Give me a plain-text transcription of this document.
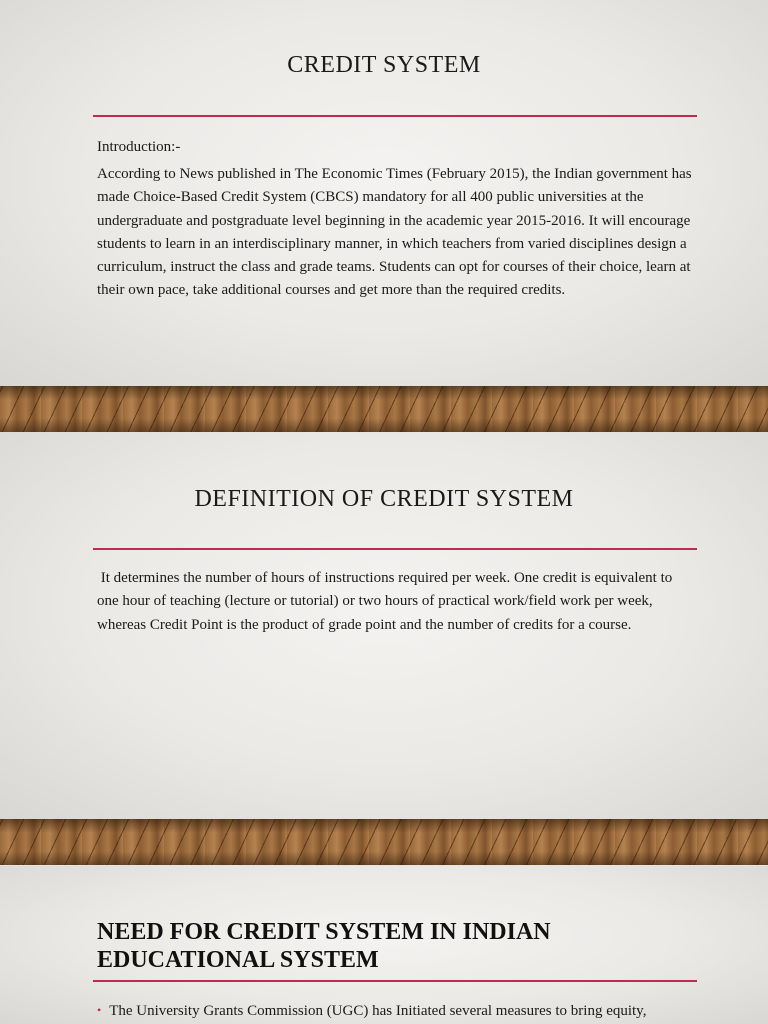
CREDIT SYSTEM
Introduction:-

According to News published in The Economic Times (February 2015), the Indian government has made Choice-Based Credit System (CBCS) mandatory for all 400 public universities at the undergraduate and postgraduate level beginning in the academic year 2015-2016. It will encourage students to learn in an interdisciplinary manner, in which teachers from varied disciplines design a curriculum, instruct the class and grade teams. Students can opt for courses of their choice, learn at their own pace, take additional courses and get more than the required credits.

DEFINITION OF CREDIT SYSTEM

It determines the number of hours of instructions required per week. One credit is equivalent to one hour of teaching (lecture or tutorial) or two hours of practical work/field work per week, whereas Credit Point is the product of grade point and the number of credits for a course.

NEED FOR CREDIT SYSTEM IN INDIAN EDUCATIONAL SYSTEM
• The University Grants Commission (UGC) has Initiated several measures to bring equity,
